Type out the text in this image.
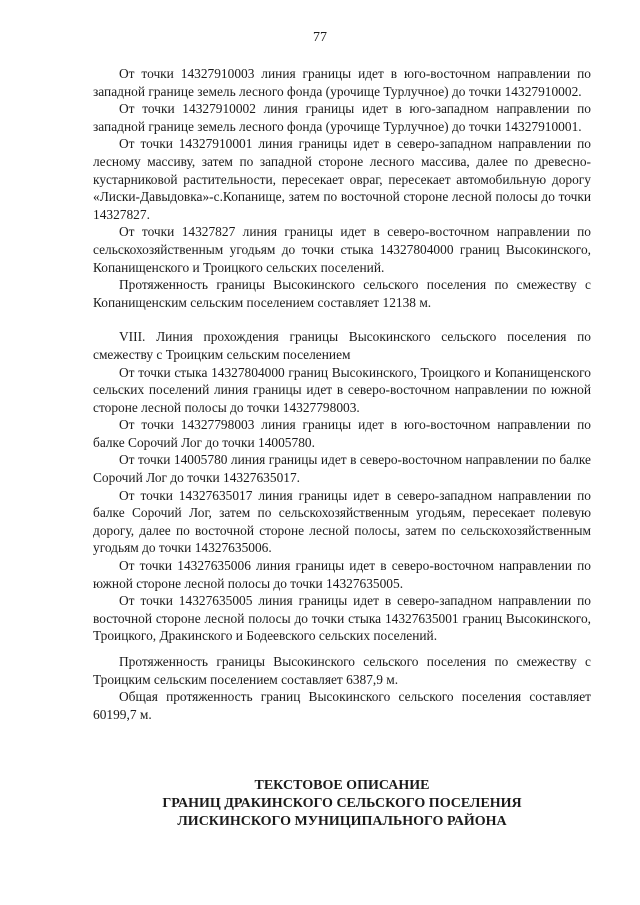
77

От точки 14327910003 линия границы идет в юго-восточном направлении по западной границе земель лесного фонда (урочище Турлучное) до точки 14327910002.

От точки 14327910002 линия границы идет в юго-западном направлении по западной границе земель лесного фонда (урочище Турлучное) до точки 14327910001.

От точки 14327910001 линия границы идет в северо-западном направлении по лесному массиву, затем по западной стороне лесного массива, далее по древесно-кустарниковой растительности, пересекает овраг, пересекает автомобильную дорогу «Лиски-Давыдовка»-с.Копанище, затем по восточной стороне лесной полосы до точки 14327827.

От точки 14327827 линия границы идет в северо-восточном направлении по сельскохозяйственным угодьям до точки стыка 14327804000 границ Высокинского, Копанищенского и Троицкого сельских поселений.

Протяженность границы Высокинского сельского поселения по смежеству с Копанищенским сельским поселением составляет 12138 м.

VIII. Линия прохождения границы Высокинского сельского поселения по смежеству с Троицким сельским поселением

От точки стыка 14327804000 границ Высокинского, Троицкого и Копанищенского сельских поселений линия границы идет в северо-восточном направлении по южной стороне лесной полосы до точки 14327798003.

От точки 14327798003 линия границы идет в юго-восточном направлении по балке Сорочий Лог до точки 14005780.

От точки 14005780 линия границы идет в северо-восточном направлении по балке Сорочий Лог до точки 14327635017.

От точки 14327635017 линия границы идет в северо-западном направлении по балке Сорочий Лог, затем по сельскохозяйственным угодьям, пересекает полевую дорогу, далее по восточной стороне лесной полосы, затем по сельскохозяйственным угодьям до точки 14327635006.

От точки 14327635006 линия границы идет в северо-восточном направлении по южной стороне лесной полосы до точки 14327635005.

От точки 14327635005 линия границы идет в северо-западном направлении по восточной стороне лесной полосы до точки стыка 14327635001 границ Высокинского, Троицкого, Дракинского и Бодеевского сельских поселений.

Протяженность границы Высокинского сельского поселения по смежеству с Троицким сельским поселением составляет 6387,9 м.

Общая протяженность границ Высокинского сельского поселения составляет 60199,7 м.

ТЕКСТОВОЕ ОПИСАНИЕ
ГРАНИЦ ДРАКИНСКОГО СЕЛЬСКОГО ПОСЕЛЕНИЯ
ЛИСКИНСКОГО МУНИЦИПАЛЬНОГО РАЙОНА
